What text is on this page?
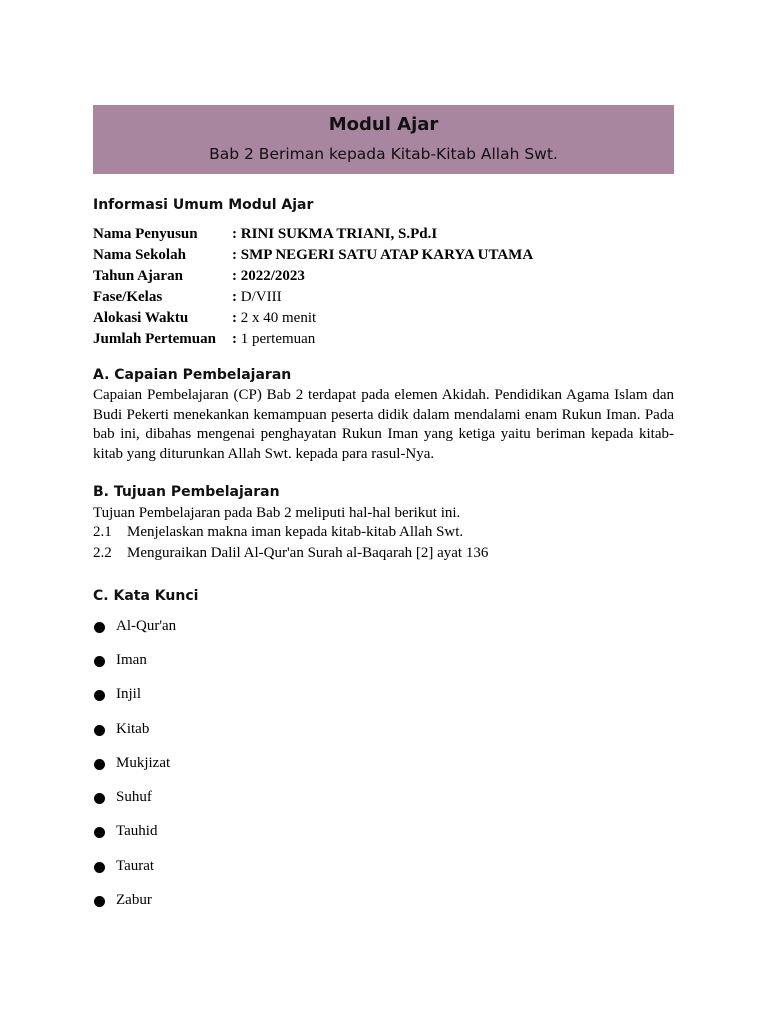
Modul Ajar
Bab 2 Beriman kepada Kitab-Kitab Allah Swt.
Informasi Umum Modul Ajar
Nama Penyusun : RINI SUKMA TRIANI, S.Pd.I
Nama Sekolah	: SMP NEGERI SATU ATAP KARYA UTAMA
Tahun Ajaran	: 2022/2023
Fase/Kelas	: D/VIII
Alokasi Waktu	: 2 x 40 menit
Jumlah Pertemuan : 1 pertemuan
A. Capaian Pembelajaran
Capaian Pembelajaran (CP) Bab 2 terdapat pada elemen Akidah. Pendidikan Agama Islam dan Budi Pekerti menekankan kemampuan peserta didik dalam mendalami enam Rukun Iman. Pada bab ini, dibahas mengenai penghayatan Rukun Iman yang ketiga yaitu beriman kepada kitab-kitab yang diturunkan Allah Swt. kepada para rasul-Nya.
B. Tujuan Pembelajaran
Tujuan Pembelajaran pada Bab 2 meliputi hal-hal berikut ini.
2.1 Menjelaskan makna iman kepada kitab-kitab Allah Swt.
2.2 Menguraikan Dalil Al-Qur'an Surah al-Baqarah [2] ayat 136
C. Kata Kunci
Al-Qur'an
Iman
Injil
Kitab
Mukjizat
Suhuf
Tauhid
Taurat
Zabur
